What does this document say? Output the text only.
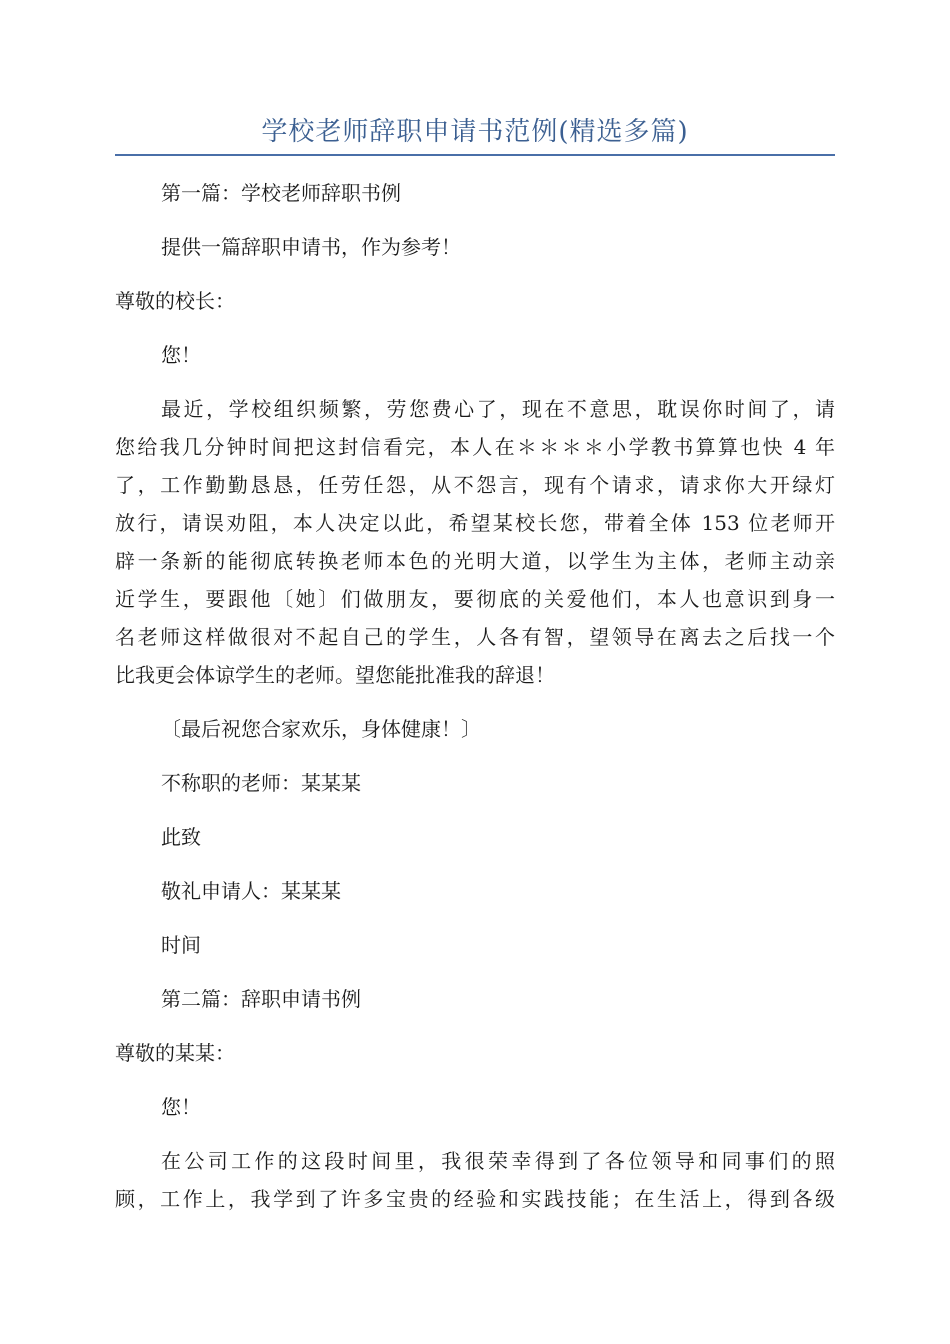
学校老师辞职申请书范例(精选多篇)

第一篇：学校老师辞职书例

提供一篇辞职申请书，作为参考！

尊敬的校长：

您！

最近，学校组织频繁，劳您费心了，现在不意思，耽误你时间了，请
您给我几分钟时间把这封信看完，本人在＊＊＊＊小学教书算算也快 4 年
了，工作勤勤恳恳，任劳任怨，从不怨言，现有个请求，请求你大开绿灯
放行，请误劝阻，本人决定以此，希望某校长您，带着全体 153 位老师开
辟一条新的能彻底转换老师本色的光明大道，以学生为主体，老师主动亲
近学生，要跟他〔她〕们做朋友，要彻底的关爱他们，本人也意识到身一
名老师这样做很对不起自己的学生，人各有智，望领导在离去之后找一个
比我更会体谅学生的老师。望您能批准我的辞退！

〔最后祝您合家欢乐，身体健康！〕

不称职的老师：某某某

此致

敬礼申请人：某某某

时间

第二篇：辞职申请书例

尊敬的某某：

您！

在公司工作的这段时间里，我很荣幸得到了各位领导和同事们的照
顾，工作上，我学到了许多宝贵的经验和实践技能；在生活上，得到各级
